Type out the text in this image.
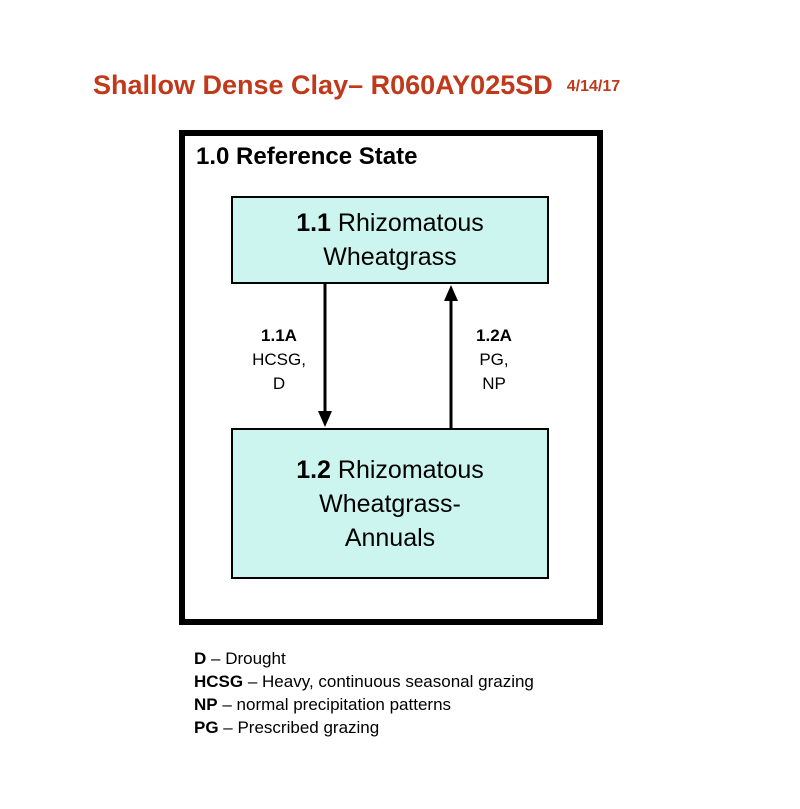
Shallow Dense Clay– R060AY025SD 4/14/17
1.0 Reference State
1.1 Rhizomatous
Wheatgrass
1.2 Rhizomatous
Wheatgrass-
Annuals
1.1A
HCSG,
D
1.2A
PG,
NP
D – Drought
HCSG – Heavy, continuous seasonal grazing
NP – normal precipitation patterns
PG – Prescribed grazing
